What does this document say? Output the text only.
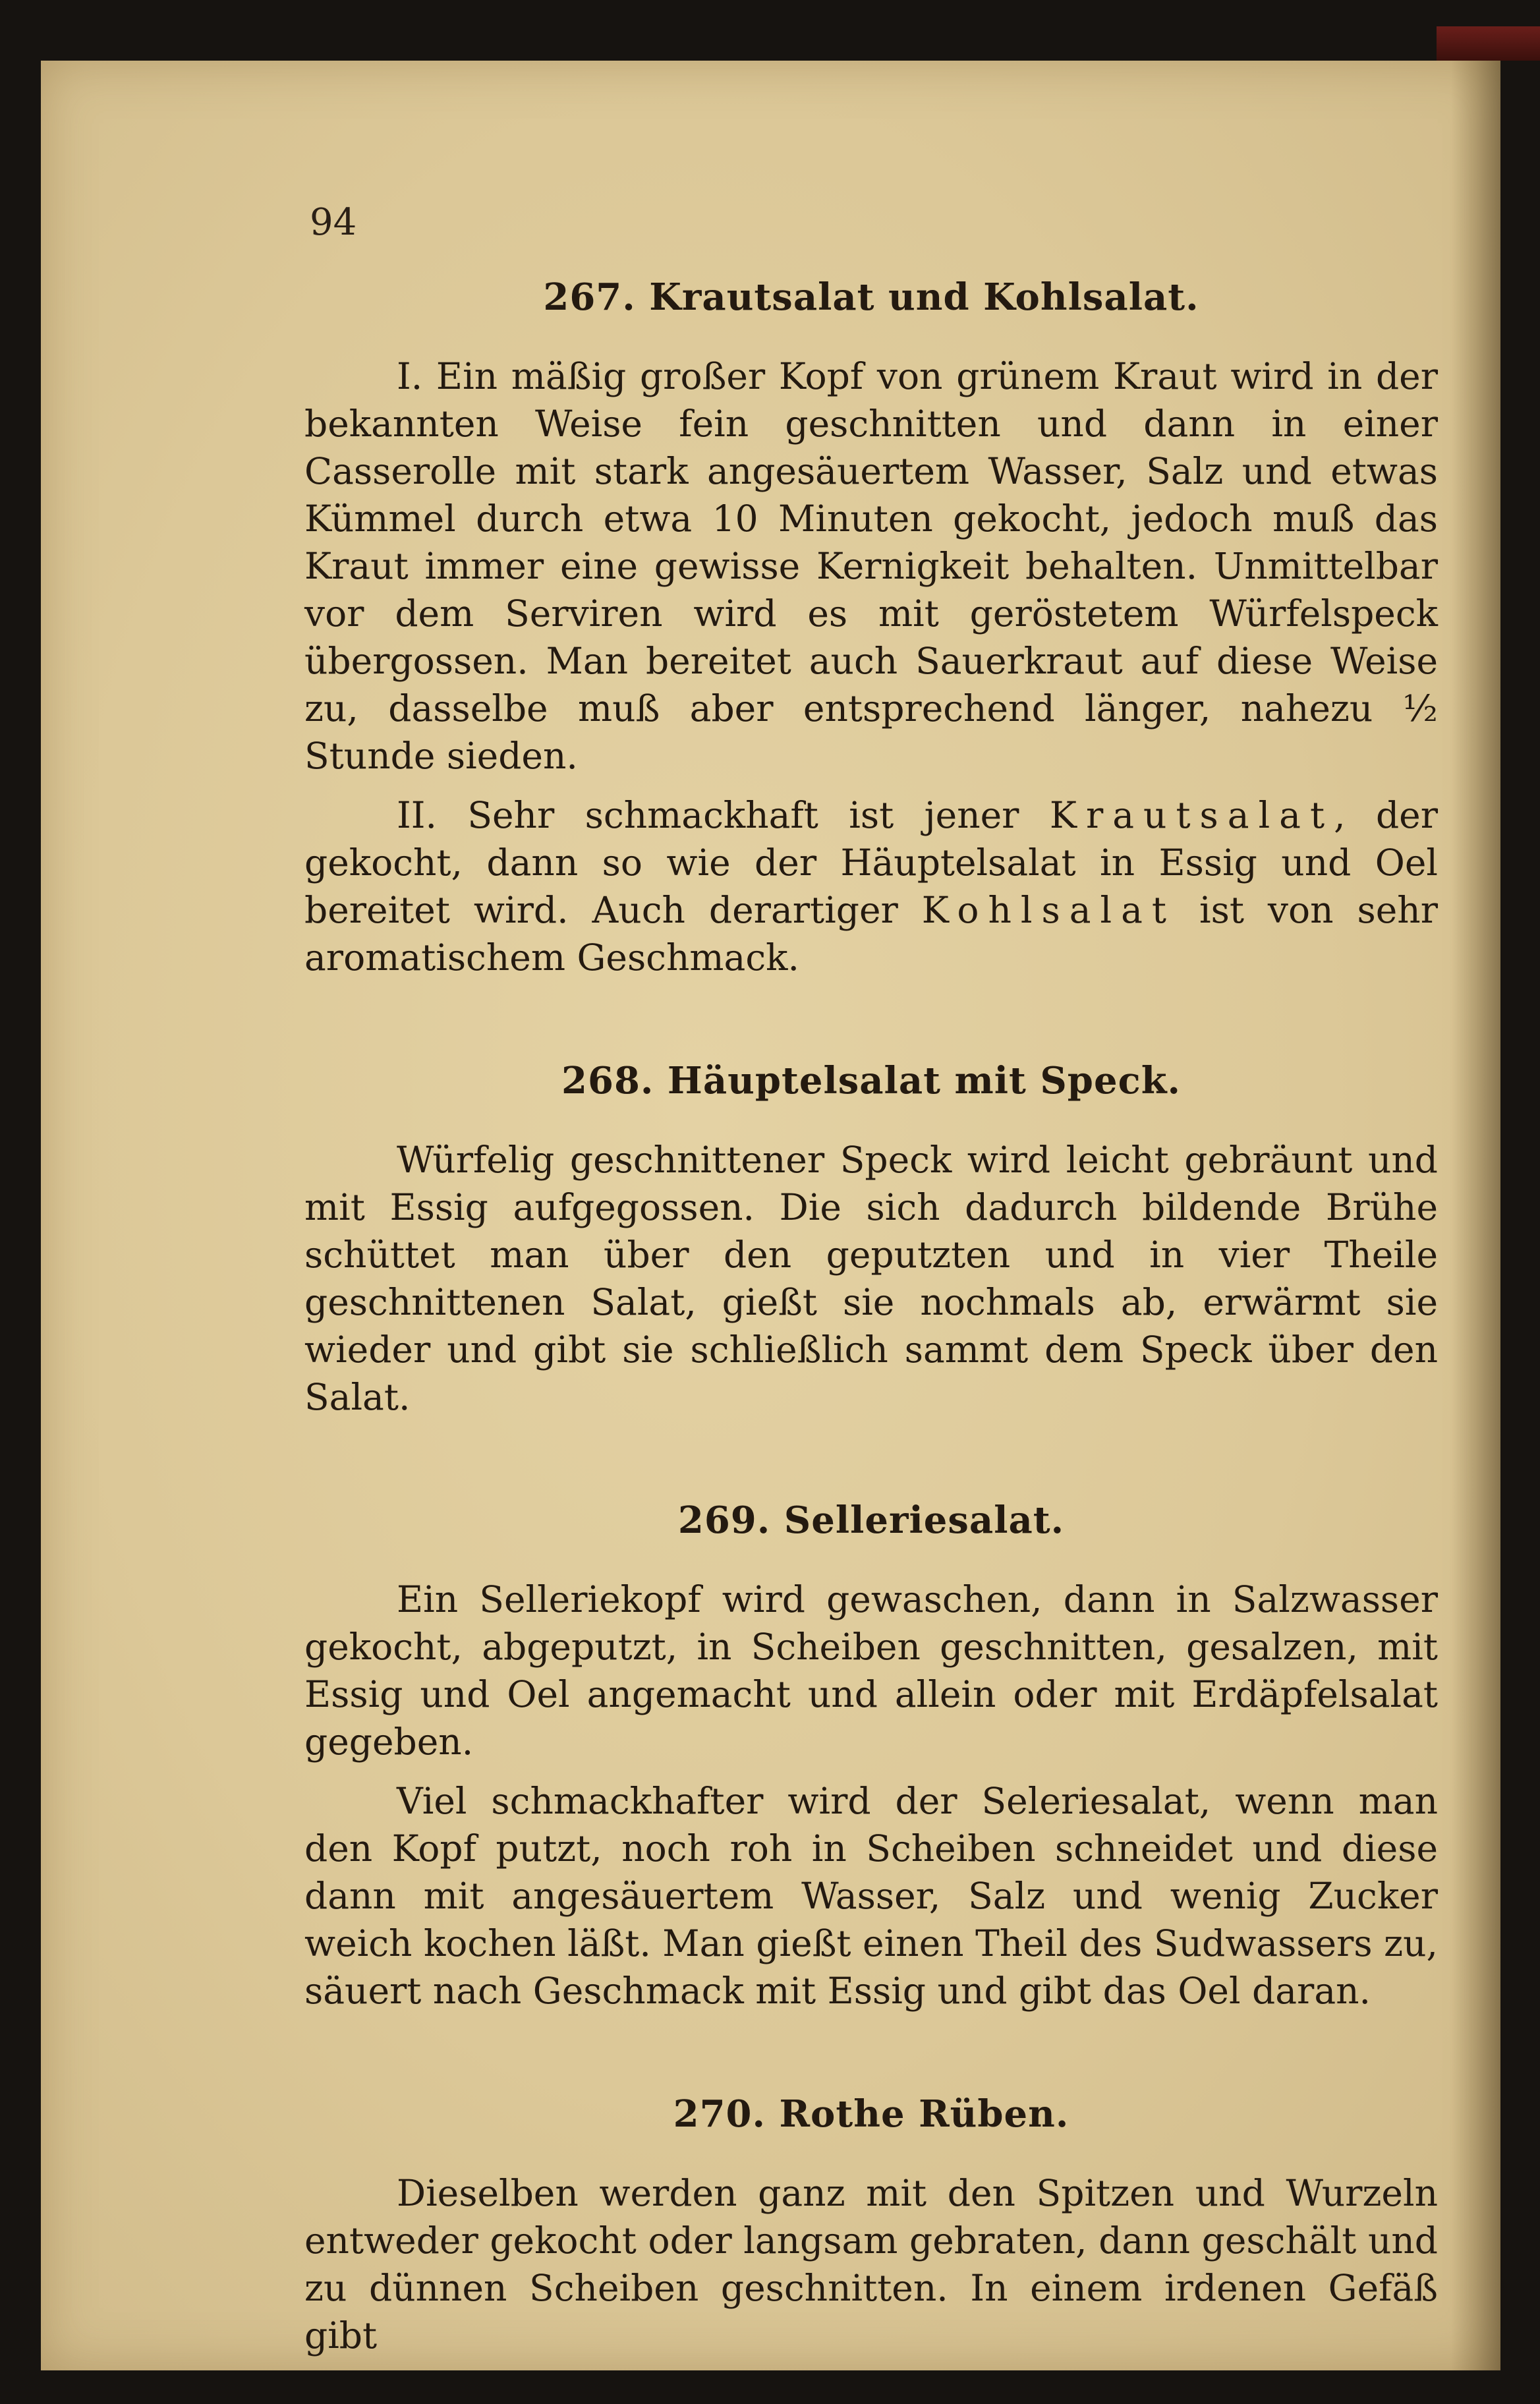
94
267. Krautsalat und Kohlsalat.

I. Ein mäßig großer Kopf von grünem Kraut wird in der bekannten Weise fein geschnitten und dann in einer Casserolle mit stark angesäuertem Wasser, Salz und etwas Kümmel durch etwa 10 Minuten gekocht, jedoch muß das Kraut immer eine gewisse Kernigkeit behalten. Unmittelbar vor dem Serviren wird es mit geröstetem Würfelspeck übergossen. Man bereitet auch Sauerkraut auf diese Weise zu, dasselbe muß aber entsprechend länger, nahezu ½ Stunde sieden.

II. Sehr schmackhaft ist jener Krautsalat, der gekocht, dann so wie der Häuptelsalat in Essig und Oel bereitet wird. Auch derartiger Kohlsalat ist von sehr aromatischem Geschmack.

268. Häuptelsalat mit Speck.

Würfelig geschnittener Speck wird leicht gebräunt und mit Essig aufgegossen. Die sich dadurch bildende Brühe schüttet man über den geputzten und in vier Theile geschnittenen Salat, gießt sie nochmals ab, erwärmt sie wieder und gibt sie schließlich sammt dem Speck über den Salat.

269. Selleriesalat.

Ein Selleriekopf wird gewaschen, dann in Salzwasser gekocht, abgeputzt, in Scheiben geschnitten, gesalzen, mit Essig und Oel angemacht und allein oder mit Erdäpfelsalat gegeben.

Viel schmackhafter wird der Seleriesalat, wenn man den Kopf putzt, noch roh in Scheiben schneidet und diese dann mit angesäuertem Wasser, Salz und wenig Zucker weich kochen läßt. Man gießt einen Theil des Sudwassers zu, säuert nach Geschmack mit Essig und gibt das Oel daran.

270. Rothe Rüben.

Dieselben werden ganz mit den Spitzen und Wurzeln entweder gekocht oder langsam gebraten, dann geschält und zu dünnen Scheiben geschnitten. In einem irdenen Gefäß gibt
